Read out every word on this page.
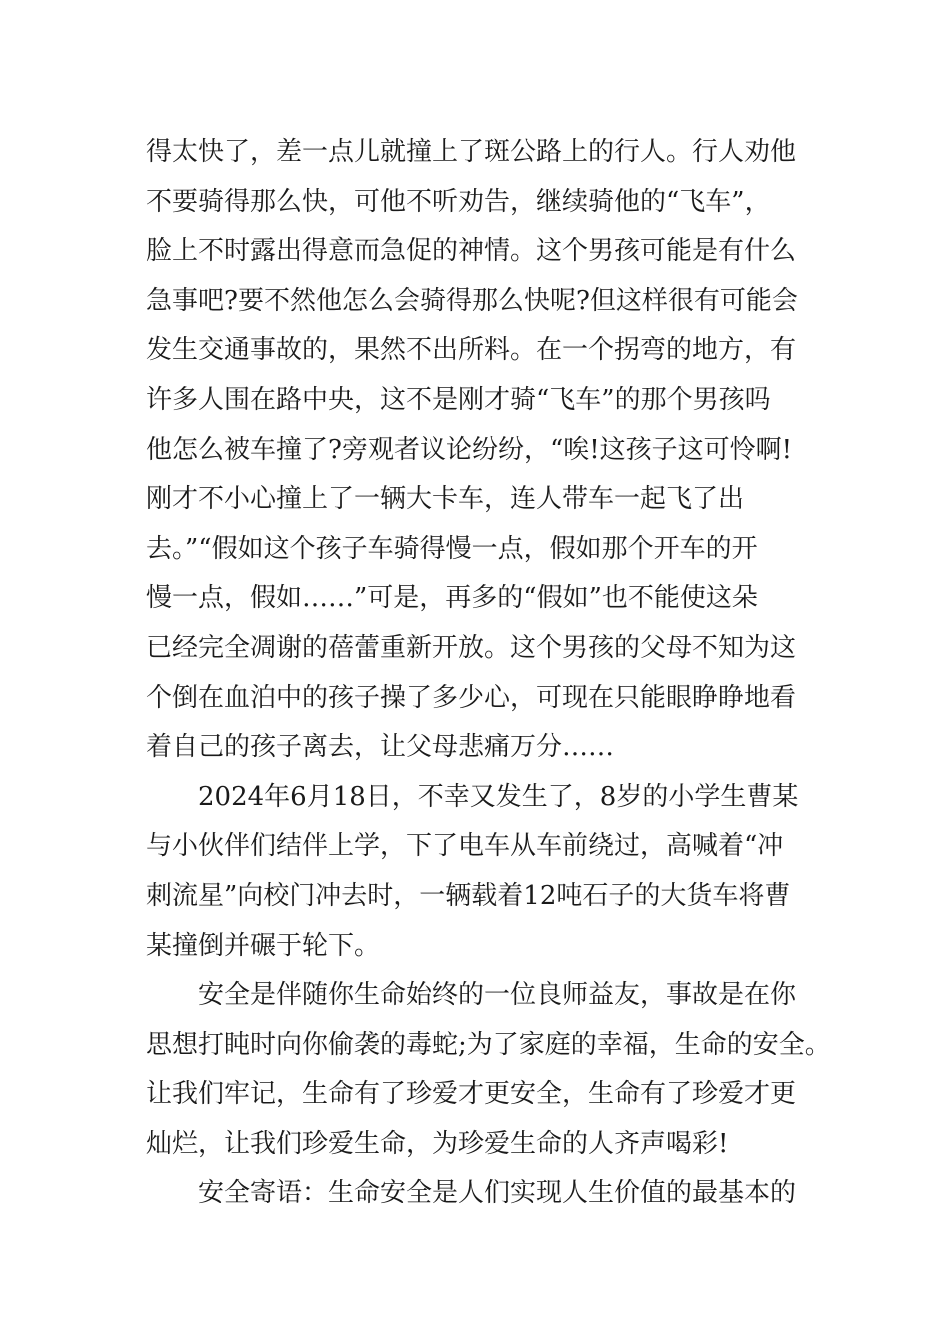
得太快了，差一点儿就撞上了斑公路上的行人。行人劝他
不要骑得那么快，可他不听劝告，继续骑他的“飞车”，
脸上不时露出得意而急促的神情。这个男孩可能是有什么
急事吧?要不然他怎么会骑得那么快呢?但这样很有可能会
发生交通事故的，果然不出所料。在一个拐弯的地方，有
许多人围在路中央，这不是刚才骑“飞车”的那个男孩吗
他怎么被车撞了?旁观者议论纷纷，“唉!这孩子这可怜啊!
刚才不小心撞上了一辆大卡车，连人带车一起飞了出
去。”“假如这个孩子车骑得慢一点，假如那个开车的开
慢一点，假如……”可是，再多的“假如”也不能使这朵
已经完全凋谢的蓓蕾重新开放。这个男孩的父母不知为这
个倒在血泊中的孩子操了多少心，可现在只能眼睁睁地看
着自己的孩子离去，让父母悲痛万分……
2024年6月18日，不幸又发生了，8岁的小学生曹某
与小伙伴们结伴上学，下了电车从车前绕过，高喊着“冲
刺流星”向校门冲去时，一辆载着12吨石子的大货车将曹
某撞倒并碾于轮下。
安全是伴随你生命始终的一位良师益友，事故是在你
思想打盹时向你偷袭的毒蛇;为了家庭的幸福，生命的安全。
让我们牢记，生命有了珍爱才更安全，生命有了珍爱才更
灿烂，让我们珍爱生命，为珍爱生命的人齐声喝彩!
安全寄语：生命安全是人们实现人生价值的最基本的
